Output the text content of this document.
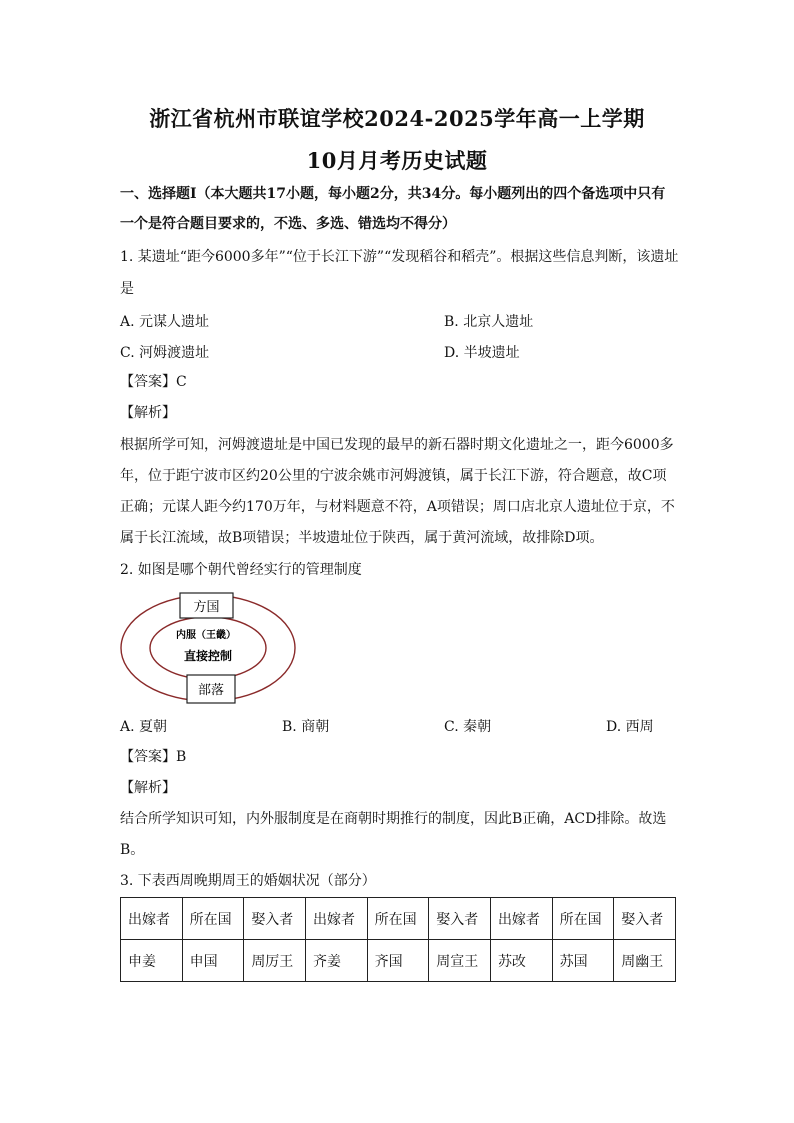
浙江省杭州市联谊学校2024-2025学年高一上学期
10月月考历史试题
一、选择题Ⅰ（本大题共17小题，每小题2分，共34分。每小题列出的四个备选项中只有
一个是符合题目要求的，不选、多选、错选均不得分）
1. 某遗址“距今6000多年”“位于长江下游”“发现稻谷和稻壳”。根据这些信息判断，该遗址
是
A. 元谋人遗址	B. 北京人遗址
C. 河姆渡遗址	D. 半坡遗址
【答案】C
【解析】
根据所学可知，河姆渡遗址是中国已发现的最早的新石器时期文化遗址之一，距今6000多
年，位于距宁波市区约20公里的宁波余姚市河姆渡镇，属于长江下游，符合题意，故C项
正确；元谋人距今约170万年，与材料题意不符，A项错误；周口店北京人遗址位于京，不
属于长江流域，故B项错误；半坡遗址位于陕西，属于黄河流域，故排除D项。
2. 如图是哪个朝代曾经实行的管理制度
方国
内服（王畿）
直接控制
部落
A. 夏朝	B. 商朝	C. 秦朝	D. 西周
【答案】B
【解析】
结合所学知识可知，内外服制度是在商朝时期推行的制度，因此B正确，ACD排除。故选
B。
3. 下表西周晚期周王的婚姻状况（部分）
出嫁者	所在国	娶入者	出嫁者	所在国	娶入者	出嫁者	所在国	娶入者
申姜	申国	周厉王	齐姜	齐国	周宣王	苏改	苏国	周幽王
